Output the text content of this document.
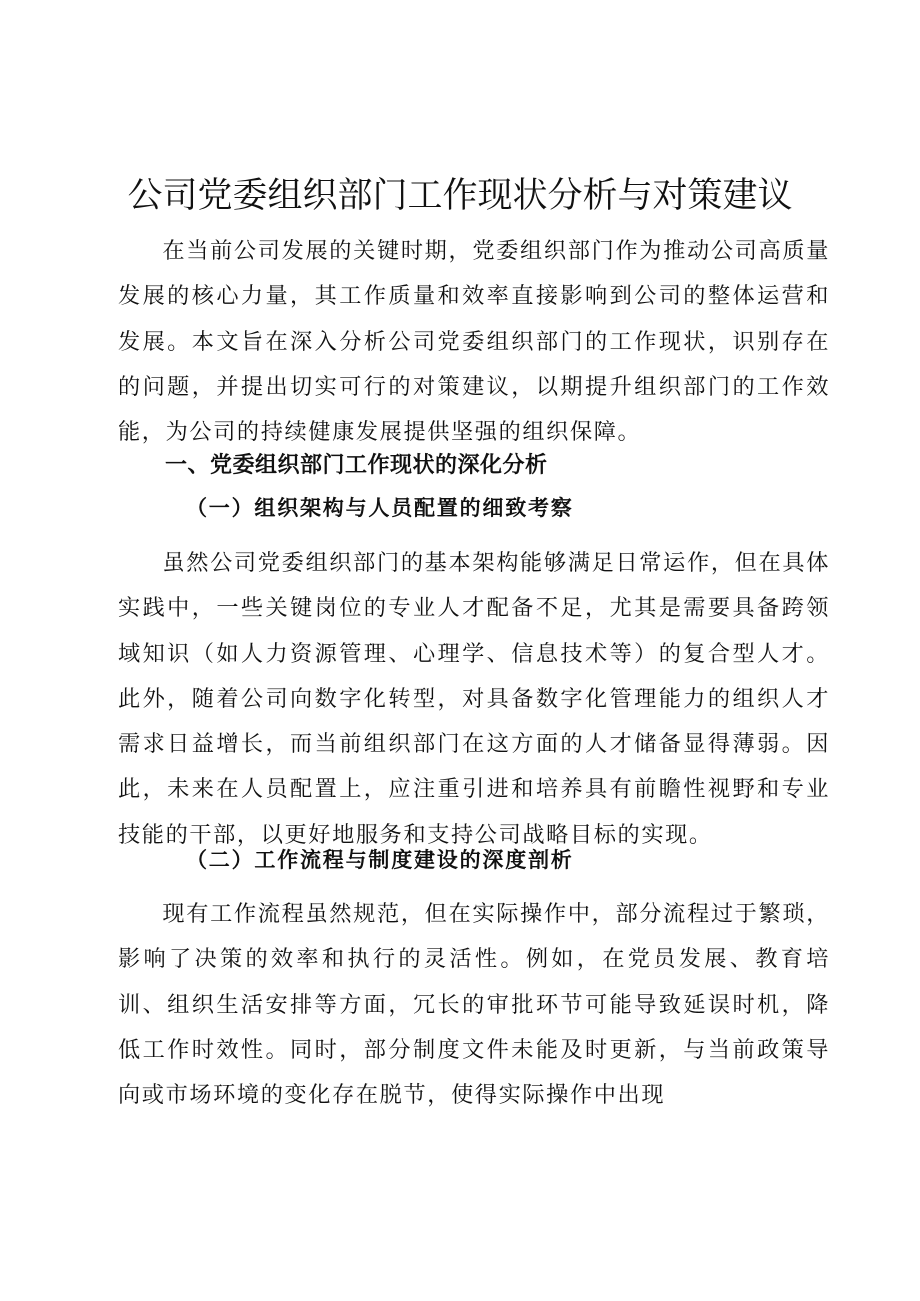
公司党委组织部门工作现状分析与对策建议

在当前公司发展的关键时期，党委组织部门作为推动公司高质量发展的核心力量，其工作质量和效率直接影响到公司的整体运营和发展。本文旨在深入分析公司党委组织部门的工作现状，识别存在的问题，并提出切实可行的对策建议，以期提升组织部门的工作效能，为公司的持续健康发展提供坚强的组织保障。

一、党委组织部门工作现状的深化分析
（一）组织架构与人员配置的细致考察

虽然公司党委组织部门的基本架构能够满足日常运作，但在具体实践中，一些关键岗位的专业人才配备不足，尤其是需要具备跨领域知识（如人力资源管理、心理学、信息技术等）的复合型人才。此外，随着公司向数字化转型，对具备数字化管理能力的组织人才需求日益增长，而当前组织部门在这方面的人才储备显得薄弱。因此，未来在人员配置上，应注重引进和培养具有前瞻性视野和专业技能的干部，以更好地服务和支持公司战略目标的实现。

（二）工作流程与制度建设的深度剖析

现有工作流程虽然规范，但在实际操作中，部分流程过于繁琐，影响了决策的效率和执行的灵活性。例如，在党员发展、教育培训、组织生活安排等方面，冗长的审批环节可能导致延误时机，降低工作时效性。同时，部分制度文件未能及时更新，与当前政策导向或市场环境的变化存在脱节，使得实际操作中出现
